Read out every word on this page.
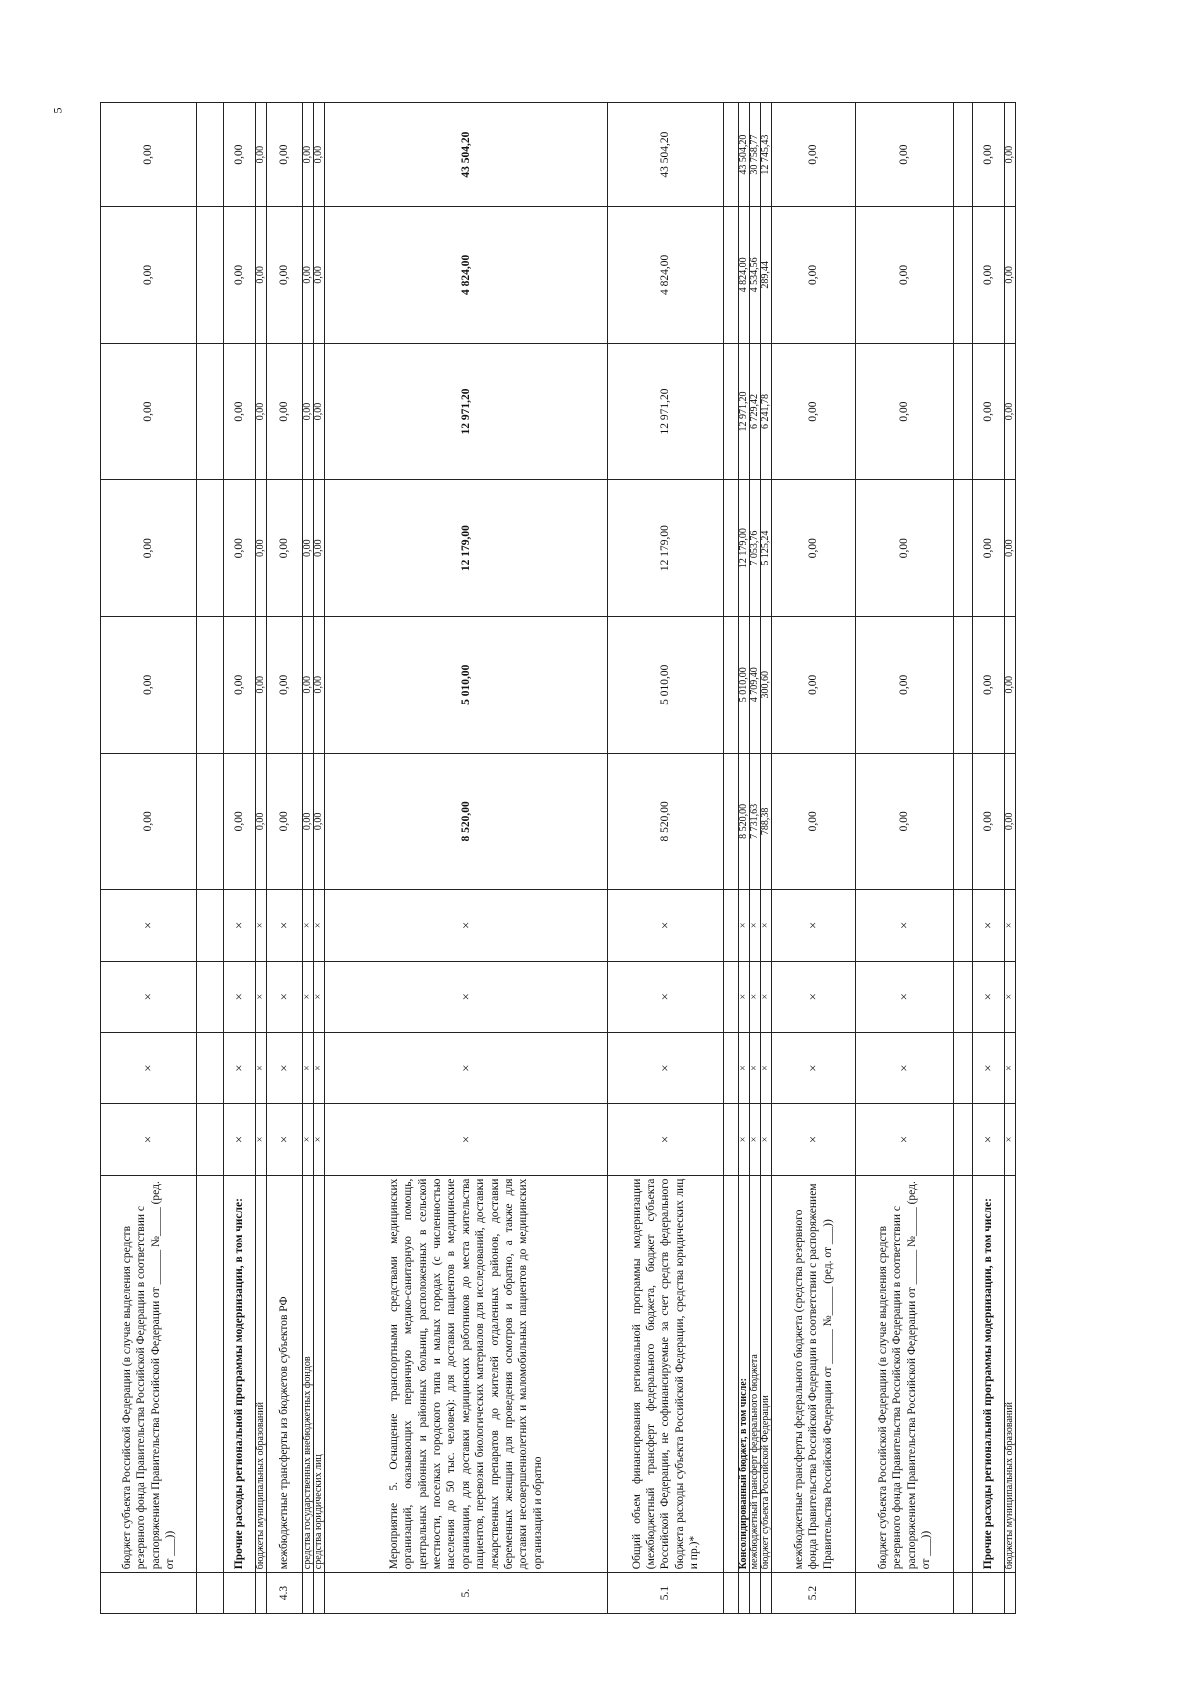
5
	бюджет субъекта Российской Федерации (в случае выделения средств резервного фонда Правительства Российской Федерации в соответствии с распоряжением Правительства Российской Федерации от ______ №_____ (ред. от ___))	×	×	×	×	0,00	0,00	0,00	0,00	0,00	0,00

	Прочие расходы региональной программы модернизации, в том числе:	×	×	×	×	0,00	0,00	0,00	0,00	0,00	0,00
	бюджеты муниципальных образований	×	×	×	×	0,00	0,00	0,00	0,00	0,00	0,00
4.3	межбюджетные трансферты из бюджетов субъектов РФ	×	×	×	×	0,00	0,00	0,00	0,00	0,00	0,00
	средства государственных внебюджетных фондов	×	×	×	×	0,00	0,00	0,00	0,00	0,00	0,00
	средства юридических лиц	×	×	×	×	0,00	0,00	0,00	0,00	0,00	0,00
5.	Мероприятие 5. Оснащение транспортными средствами медицинских организаций, оказывающих первичную медико-санитарную помощь, центральных районных и районных больниц, расположенных в сельской местности, поселках городского типа и малых городах (с численностью населения до 50 тыс. человек): для доставки пациентов в медицинские организации, для доставки медицинских работников до места жительства пациентов, перевозки биологических материалов для исследований, доставки лекарственных препаратов до жителей отдаленных районов, доставки беременных женщин для проведения осмотров и обратно, а также для доставки несовершеннолетних и маломобильных пациентов до медицинских организаций и обратно	×	×	×	×	8 520,00	5 010,00	12 179,00	12 971,20	4 824,00	43 504,20
5.1	Общий объем финансирования региональной программы модернизации (межбюджетный трансферт федерального бюджета, бюджет субъекта Российской Федерации, не софинансируемые за счет средств федерального бюджета расходы субъекта Российской Федерации, средства юридических лиц и пр.)*	×	×	×	×	8 520,00	5 010,00	12 179,00	12 971,20	4 824,00	43 504,20

	Консолидированный бюджет, в том числе:	×	×	×	×	8 520,00	5 010,00	12 179,00	12 971,20	4 824,00	43 504,20
	межбюджетный трансферт федерального бюджета	×	×	×	×	7 731,63	4 709,40	7 053,76	6 729,42	4 534,56	30 758,77
	бюджет субъекта Российской Федерации	×	×	×	×	788,38	300,60	5 125,24	6 241,78	289,44	12 745,43
5.2	межбюджетные трансферты федерального бюджета (средства резервного фонда Правительства Российской Федерации в соответствии с распоряжением Правительства Российской Федерации от ______ №_____ (ред. от ___))	×	×	×	×	0,00	0,00	0,00	0,00	0,00	0,00
	бюджет субъекта Российской Федерации (в случае выделения средств резервного фонда Правительства Российской Федерации в соответствии с распоряжением Правительства Российской Федерации от ______ №_____ (ред. от ___))	×	×	×	×	0,00	0,00	0,00	0,00	0,00	0,00

	Прочие расходы региональной программы модернизации, в том числе:	×	×	×	×	0,00	0,00	0,00	0,00	0,00	0,00
	бюджеты муниципальных образований	×	×	×	×	0,00	0,00	0,00	0,00	0,00	0,00
